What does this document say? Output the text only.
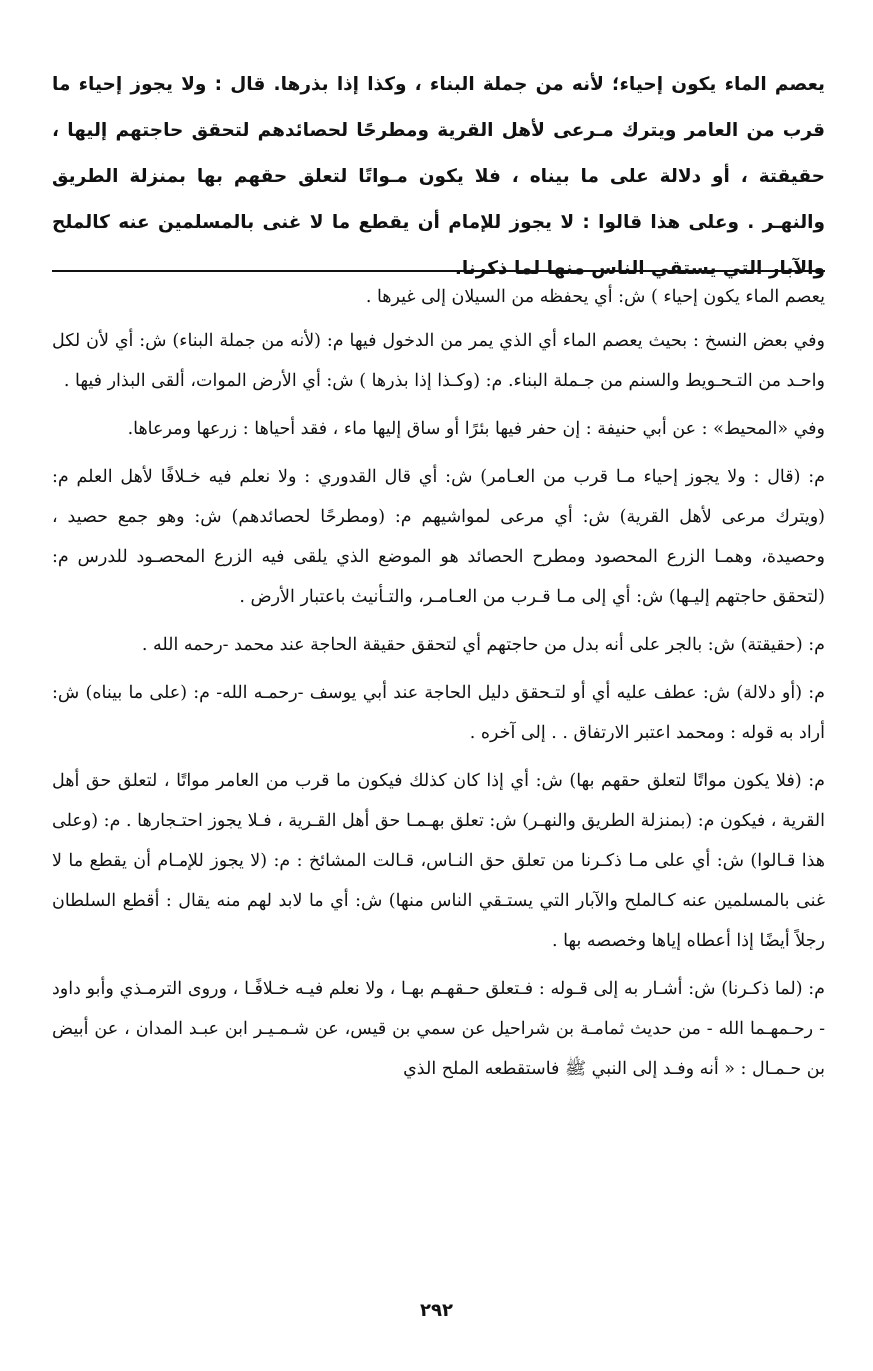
يعصم الماء يكون إحياء؛ لأنه من جملة البناء ، وكذا إذا بذرها. قال : ولا يجوز إحياء ما قرب من العامر ويترك مـرعى لأهل القرية ومطرحًا لحصائدهم لتحقق حاجتهم إليها ، حقيقتة ، أو دلالة على ما بيناه ، فلا يكون مـواتًا لتعلق حقهم بها بمنزلة الطريق والنهـر . وعلى هذا قالوا : لا يجوز للإمام أن يقطع ما لا غنى بالمسلمين عنه كالملح والآبار التي يستقي الناس منها لما ذكرنا.

يعصم الماء يكون إحياء ) ش: أي يحفظه من السيلان إلى غيرها .

وفي بعض النسخ : بحيث يعصم الماء أي الذي يمر من الدخول فيها م: (لأنه من جملة البناء) ش: أي لأن لكل واحـد من التـحـويط والسنم من جـملة البناء. م: (وكـذا إذا بذرها ) ش: أي الأرض الموات، ألقى البذار فيها .

وفي «المحيط» : عن أبي حنيفة : إن حفر فيها بئرًا أو ساق إليها ماء ، فقد أحياها : زرعها ومرعاها.

م: (قال : ولا يجوز إحياء مـا قرب من العـامر) ش: أي قال القدوري : ولا نعلم فيه خـلافًا لأهل العلم م: (ويترك مرعى لأهل القرية) ش: أي مرعى لمواشيهم م: (ومطرحًا لحصائدهم) ش: وهو جمع حصيد ، وحصيدة، وهمـا الزرع المحصود ومطرح الحصائد هو الموضع الذي يلقى فيه الزرع المحصـود للدرس م: (لتحقق حاجتهم إليـها) ش: أي إلى مـا قـرب من العـامـر، والتـأنيث باعتبار الأرض .

م: (حقيقتة) ش: بالجر على أنه بدل من حاجتهم أي لتحقق حقيقة الحاجة عند محمد -رحمه الله .

م: (أو دلالة) ش: عطف عليه أي أو لتـحقق دليل الحاجة عند أبي يوسف -رحمـه الله- م: (على ما بيناه) ش: أراد به قوله : ومحمد اعتبر الارتفاق . . إلى آخره .

م: (فلا يكون مواتًا لتعلق حقهم بها) ش: أي إذا كان كذلك فيكون ما قرب من العامر مواتًا ، لتعلق حق أهل القرية ، فيكون م: (بمنزلة الطريق والنهـر) ش: تعلق بهـمـا حق أهل القـرية ، فـلا يجوز احتـجارها . م: (وعلى هذا قـالوا) ش: أي على مـا ذكـرنا من تعلق حق النـاس، قـالت المشائخ : م: (لا يجوز للإمـام أن يقطع ما لا غنى بالمسلمين عنه كـالملح والآبار التي يستـقي الناس منها) ش: أي ما لابد لهم منه يقال : أقطع السلطان رجلاً أيضًا إذا أعطاه إياها وخصصه بها .

م: (لما ذكـرنا) ش: أشـار به إلى قـوله : فـتعلق حـقهـم بهـا ، ولا نعلم فيـه خـلافًـا ، وروى الترمـذي وأبو داود - رحـمهـما الله - من حديث ثمامـة بن شراحيل عن سمي بن قيس، عن شـمـيـر ابن عبـد المدان ، عن أبيض بن حـمـال : « أنه وفـد إلى النبي ﷺ فاستقطعه الملح الذي

٢٩٢
